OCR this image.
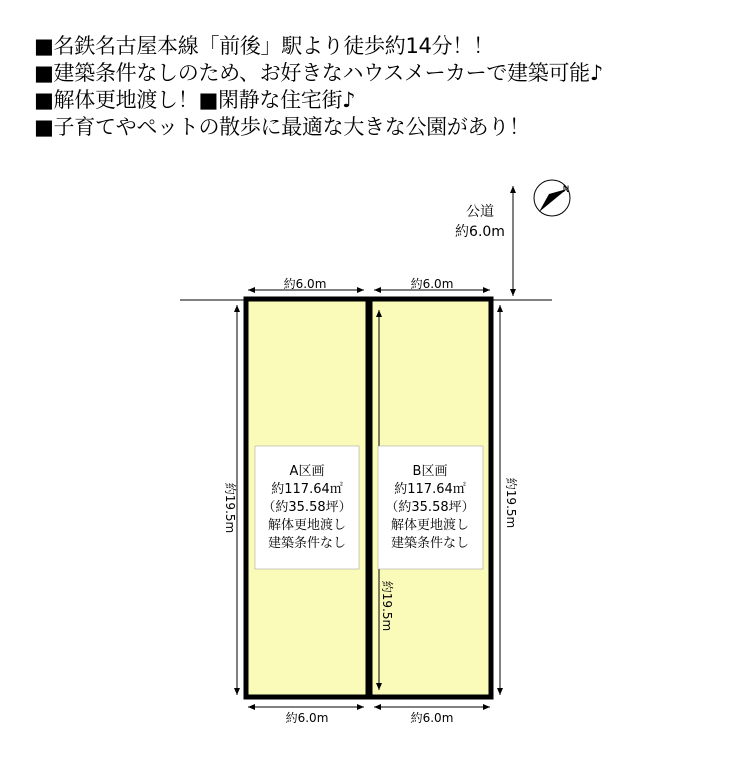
■名鉄名古屋本線「前後」駅より徒歩約14分！！

■建築条件なしのため、お好きなハウスメーカーで建築可能♪

■解体更地渡し！■閑静な住宅街♪

■子育てやペットの散歩に最適な大きな公園があり！

公道
約6.0m
N
約6.0m	約6.0m
約6.0m	約6.0m
約19.5m	約19.5m
約19.5m
A区画
約117.64㎡
（約35.58坪）
解体更地渡し
建築条件なし
B区画
約117.64㎡
（約35.58坪）
解体更地渡し
建築条件なし
